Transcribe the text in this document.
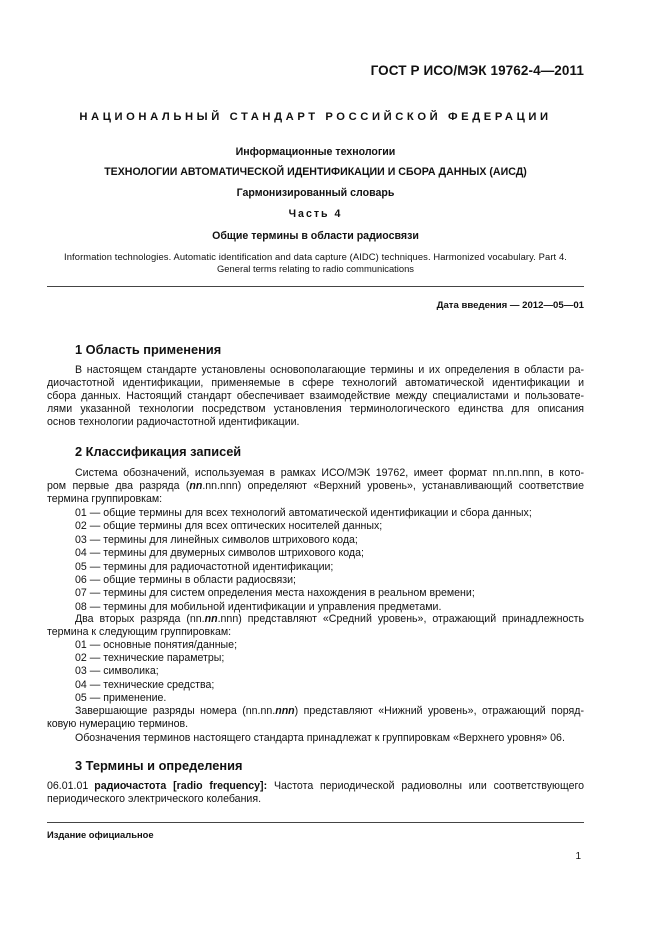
ГОСТ Р ИСО/МЭК 19762-4—2011
НАЦИОНАЛЬНЫЙ СТАНДАРТ РОССИЙСКОЙ ФЕДЕРАЦИИ
Информационные технологии
ТЕХНОЛОГИИ АВТОМАТИЧЕСКОЙ ИДЕНТИФИКАЦИИ И СБОРА ДАННЫХ (АИСД)
Гармонизированный словарь
Часть 4
Общие термины в области радиосвязи
Information technologies. Automatic identification and data capture (AIDC) techniques. Harmonized vocabulary. Part 4.
General terms relating to radio communications
Дата введения — 2012—05—01
1 Область применения
В настоящем стандарте установлены основополагающие термины и их определения в области ра-
диочастотной идентификации, применяемые в сфере технологий автоматической идентификации и
сбора данных. Настоящий стандарт обеспечивает взаимодействие между специалистами и пользовате-
лями указанной технологии посредством установления терминологического единства для описания
основ технологии радиочастотной идентификации.
2 Классификация записей
Система обозначений, используемая в рамках ИСО/МЭК 19762, имеет формат nn.nn.nnn, в кото-
ром первые два разряда (nn.nn.nnn) определяют «Верхний уровень», устанавливающий соответствие
термина группировкам:
01 — общие термины для всех технологий автоматической идентификации и сбора данных;
02 — общие термины для всех оптических носителей данных;
03 — термины для линейных символов штрихового кода;
04 — термины для двумерных символов штрихового кода;
05 — термины для радиочастотной идентификации;
06 — общие термины в области радиосвязи;
07 — термины для систем определения места нахождения в реальном времени;
08 — термины для мобильной идентификации и управления предметами.
Два вторых разряда (nn.nn.nnn) представляют «Средний уровень», отражающий принадлежность
термина к следующим группировкам:
01 — основные понятия/данные;
02 — технические параметры;
03 — символика;
04 — технические средства;
05 — применение.
Завершающие разряды номера (nn.nn.nnn) представляют «Нижний уровень», отражающий поряд-
ковую нумерацию терминов.
Обозначения терминов настоящего стандарта принадлежат к группировкам «Верхнего уровня» 06.
3 Термины и определения
06.01.01 радиочастота [radio frequency]: Частота периодической радиоволны или соответствующего
периодического электрического колебания.
Издание официальное
1
